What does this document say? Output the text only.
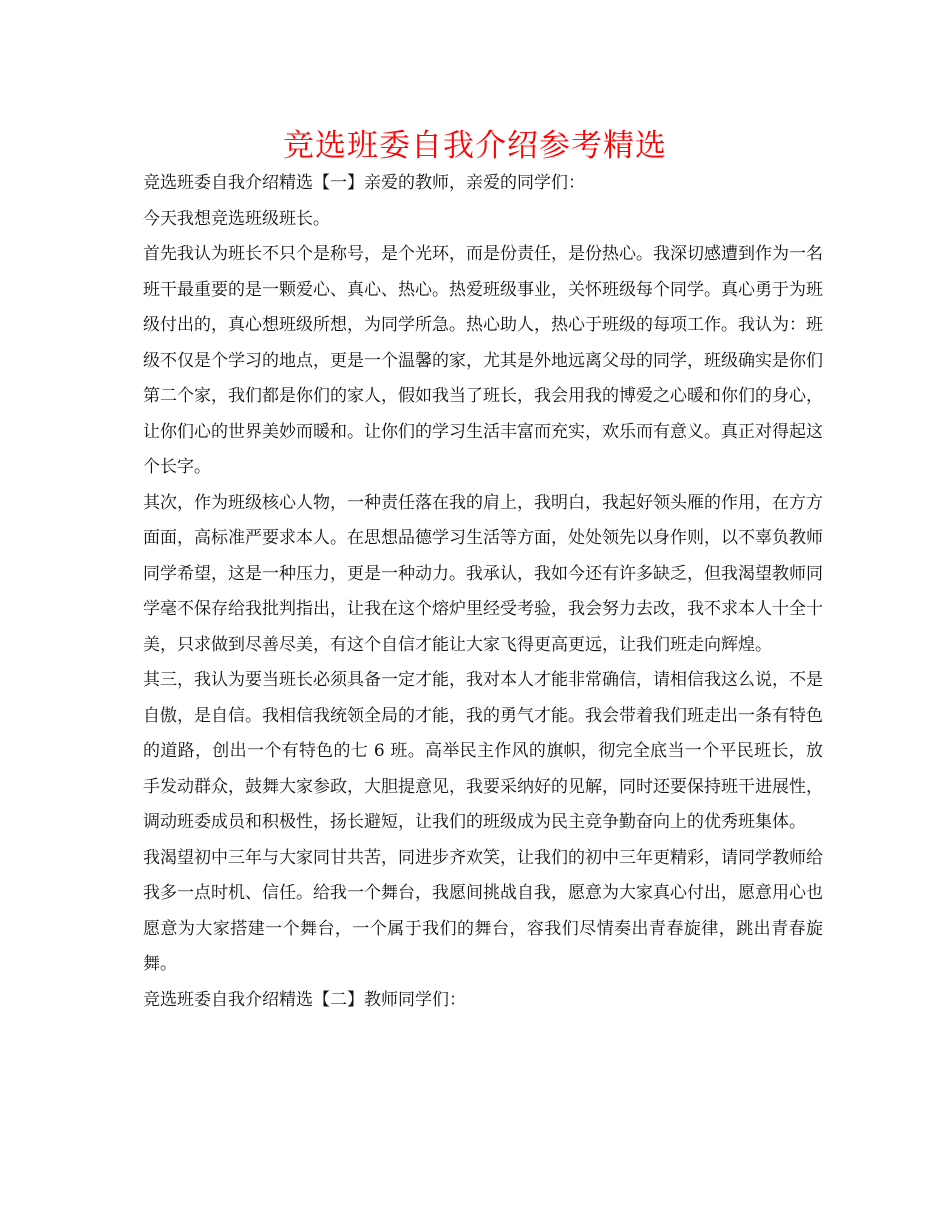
竞选班委自我介绍参考精选

竞选班委自我介绍精选【一】亲爱的教师，亲爱的同学们：

今天我想竞选班级班长。

首先我认为班长不只个是称号，是个光环，而是份责任，是份热心。我深切感遭到作为一名班干最重要的是一颗爱心、真心、热心。热爱班级事业，关怀班级每个同学。真心勇于为班级付出的，真心想班级所想，为同学所急。热心助人，热心于班级的每项工作。我认为：班级不仅是个学习的地点，更是一个温馨的家，尤其是外地远离父母的同学，班级确实是你们第二个家，我们都是你们的家人，假如我当了班长，我会用我的博爱之心暖和你们的身心，让你们心的世界美妙而暖和。让你们的学习生活丰富而充实，欢乐而有意义。真正对得起这个长字。

其次，作为班级核心人物，一种责任落在我的肩上，我明白，我起好领头雁的作用，在方方面面，高标准严要求本人。在思想品德学习生活等方面，处处领先以身作则，以不辜负教师同学希望，这是一种压力，更是一种动力。我承认，我如今还有许多缺乏，但我渴望教师同学毫不保存给我批判指出，让我在这个熔炉里经受考验，我会努力去改，我不求本人十全十美，只求做到尽善尽美，有这个自信才能让大家飞得更高更远，让我们班走向辉煌。

其三，我认为要当班长必须具备一定才能，我对本人才能非常确信，请相信我这么说，不是自傲，是自信。我相信我统领全局的才能，我的勇气才能。我会带着我们班走出一条有特色的道路，创出一个有特色的七 6 班。高举民主作风的旗帜，彻完全底当一个平民班长，放手发动群众，鼓舞大家参政，大胆提意见，我要采纳好的见解，同时还要保持班干进展性，调动班委成员和积极性，扬长避短，让我们的班级成为民主竞争勤奋向上的优秀班集体。

我渴望初中三年与大家同甘共苦，同进步齐欢笑，让我们的初中三年更精彩，请同学教师给我多一点时机、信任。给我一个舞台，我愿间挑战自我，愿意为大家真心付出，愿意用心也愿意为大家搭建一个舞台，一个属于我们的舞台，容我们尽情奏出青春旋律，跳出青春旋舞。

竞选班委自我介绍精选【二】教师同学们：
